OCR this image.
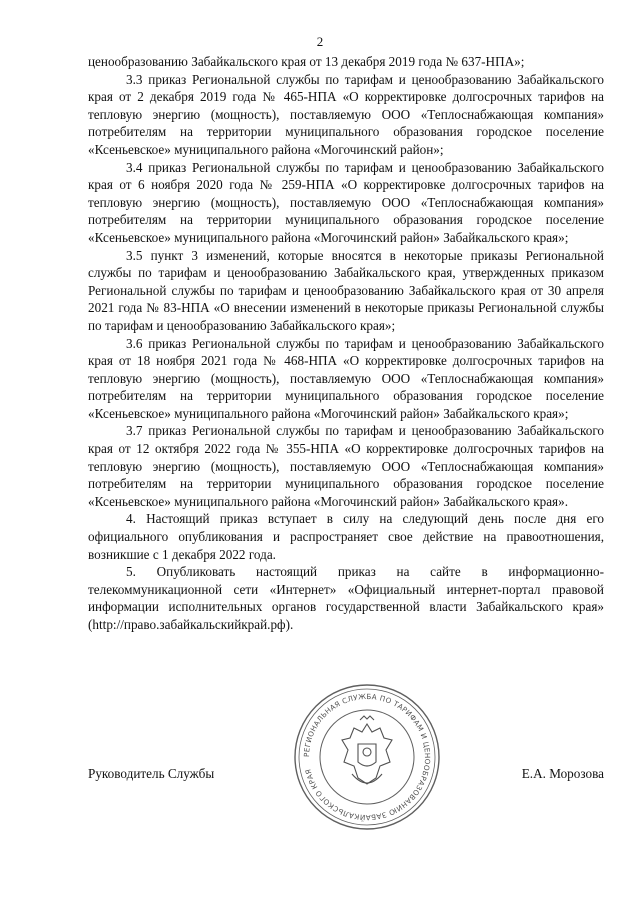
2

ценообразованию Забайкальского края от 13 декабря 2019 года № 637-НПА»;

3.3 приказ Региональной службы по тарифам и ценообразованию Забайкальского края от 2 декабря 2019 года № 465-НПА «О корректировке долгосрочных тарифов на тепловую энергию (мощность), поставляемую ООО «Теплоснабжающая компания» потребителям на территории муниципального образования городское поселение «Ксеньевское» муниципального района «Могочинский район»;

3.4 приказ Региональной службы по тарифам и ценообразованию Забайкальского края от 6 ноября 2020 года № 259-НПА «О корректировке долгосрочных тарифов на тепловую энергию (мощность), поставляемую ООО «Теплоснабжающая компания» потребителям на территории муниципального образования городское поселение «Ксеньевское» муниципального района «Могочинский район» Забайкальского края»;

3.5 пункт 3 изменений, которые вносятся в некоторые приказы Региональной службы по тарифам и ценообразованию Забайкальского края, утвержденных приказом Региональной службы по тарифам и ценообразованию Забайкальского края от 30 апреля 2021 года № 83-НПА «О внесении изменений в некоторые приказы Региональной службы по тарифам и ценообразованию Забайкальского края»;

3.6 приказ Региональной службы по тарифам и ценообразованию Забайкальского края от 18 ноября 2021 года № 468-НПА «О корректировке долгосрочных тарифов на тепловую энергию (мощность), поставляемую ООО «Теплоснабжающая компания» потребителям на территории муниципального образования городское поселение «Ксеньевское» муниципального района «Могочинский район» Забайкальского края»;

3.7 приказ Региональной службы по тарифам и ценообразованию Забайкальского края от 12 октября 2022 года № 355-НПА «О корректировке долгосрочных тарифов на тепловую энергию (мощность), поставляемую ООО «Теплоснабжающая компания» потребителям на территории муниципального образования городское поселение «Ксеньевское» муниципального района «Могочинский район» Забайкальского края».

4. Настоящий приказ вступает в силу на следующий день после дня его официального опубликования и распространяет свое действие на правоотношения, возникшие с 1 декабря 2022 года.

5. Опубликовать настоящий приказ на сайте в информационно-телекоммуникационной сети «Интернет» «Официальный интернет-портал правовой информации исполнительных органов государственной власти Забайкальского края» (http://право.забайкальскийкрай.рф).

РЕГИОНАЛЬНАЯ СЛУЖБА ПО ТАРИФАМ И ЦЕНООБРАЗОВАНИЮ ЗАБАЙКАЛЬСКОГО КРАЯ
Руководитель Службы	Е.А. Морозова
